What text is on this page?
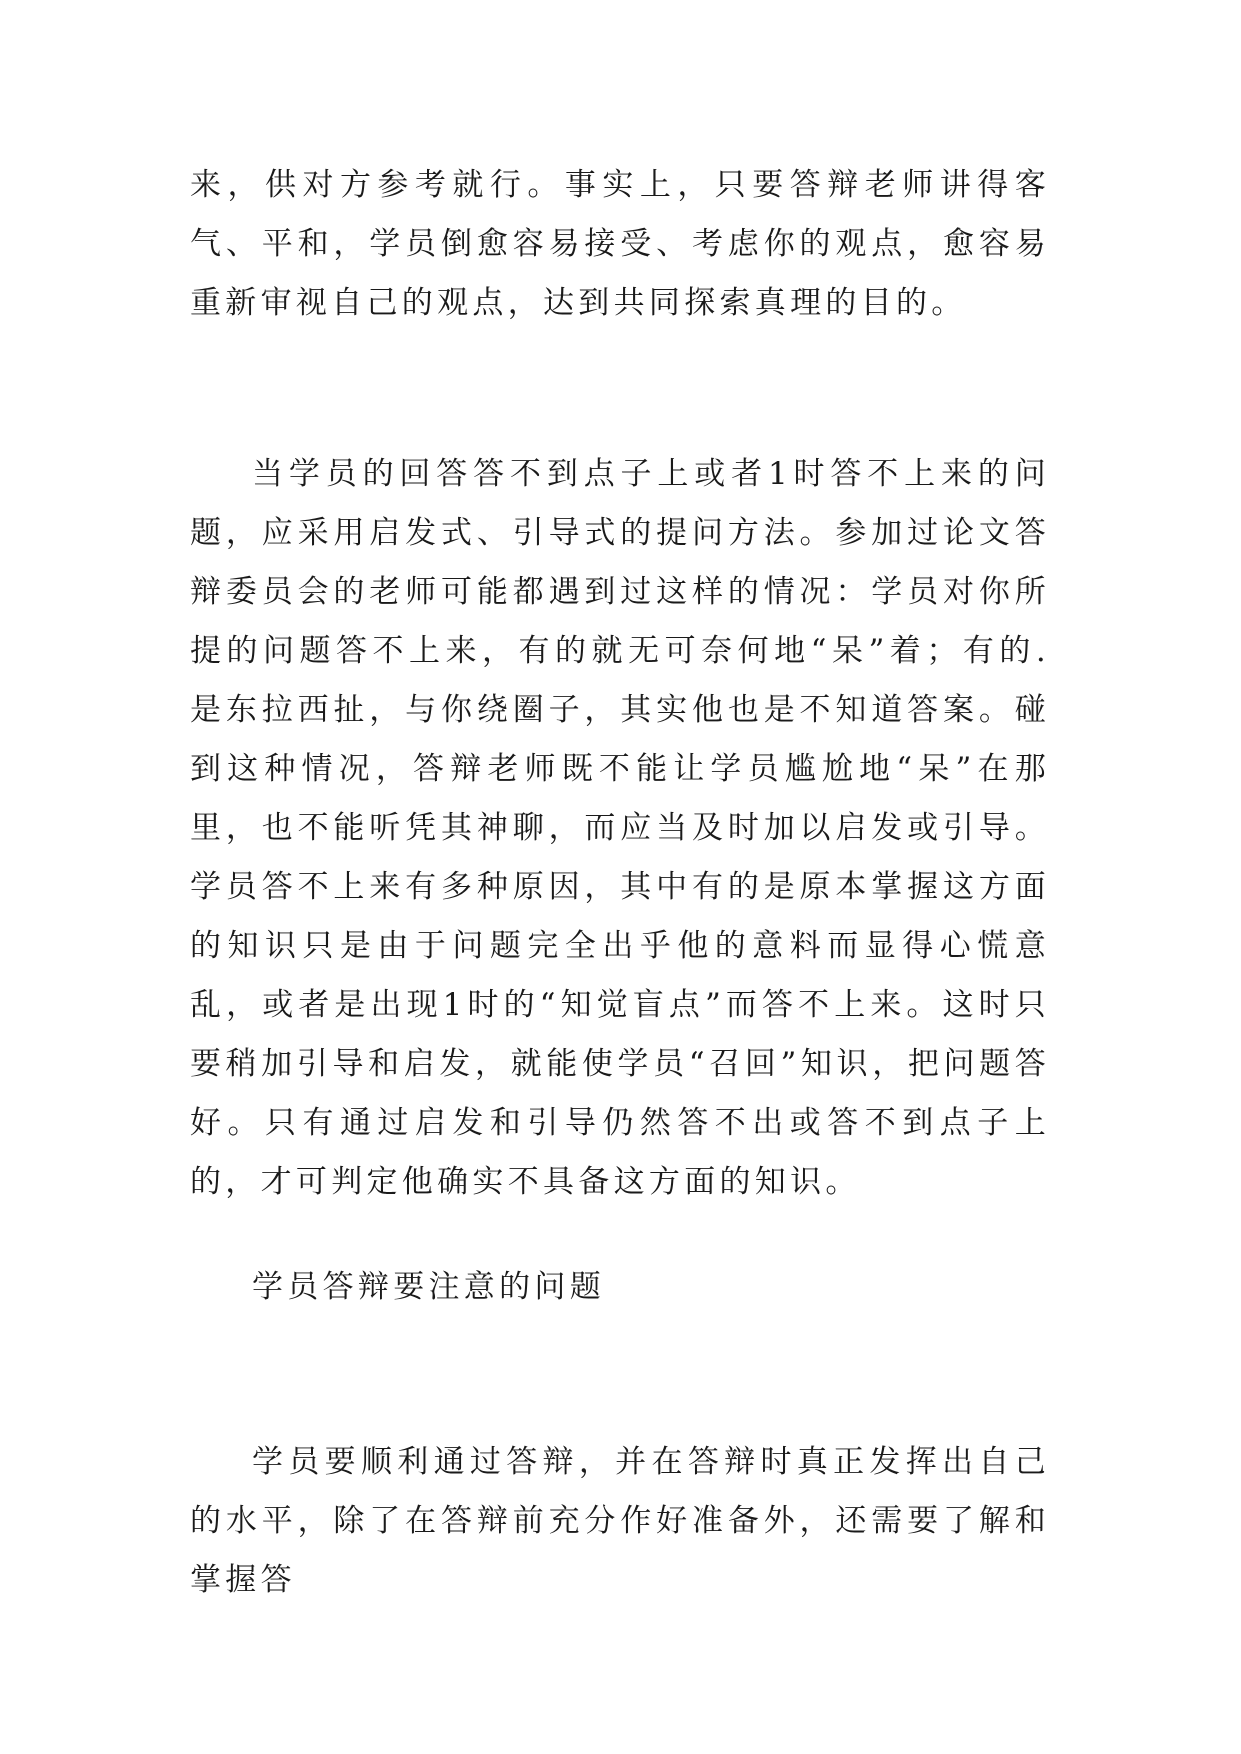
来，供对方参考就行。事实上，只要答辩老师讲得客气、平和，学员倒愈容易接受、考虑你的观点，愈容易重新审视自己的观点，达到共同探索真理的目的。

当学员的回答答不到点子上或者1时答不上来的问题，应采用启发式、引导式的提问方法。参加过论文答辩委员会的老师可能都遇到过这样的情况：学员对你所提的问题答不上来，有的就无可奈何地“呆”着；有的.是东拉西扯，与你绕圈子，其实他也是不知道答案。碰到这种情况，答辩老师既不能让学员尴尬地“呆”在那里，也不能听凭其神聊，而应当及时加以启发或引导。学员答不上来有多种原因，其中有的是原本掌握这方面的知识只是由于问题完全出乎他的意料而显得心慌意乱，或者是出现1时的“知觉盲点”而答不上来。这时只要稍加引导和启发，就能使学员“召回”知识，把问题答好。只有通过启发和引导仍然答不出或答不到点子上的，才可判定他确实不具备这方面的知识。

学员答辩要注意的问题

学员要顺利通过答辩，并在答辩时真正发挥出自己的水平，除了在答辩前充分作好准备外，还需要了解和掌握答
